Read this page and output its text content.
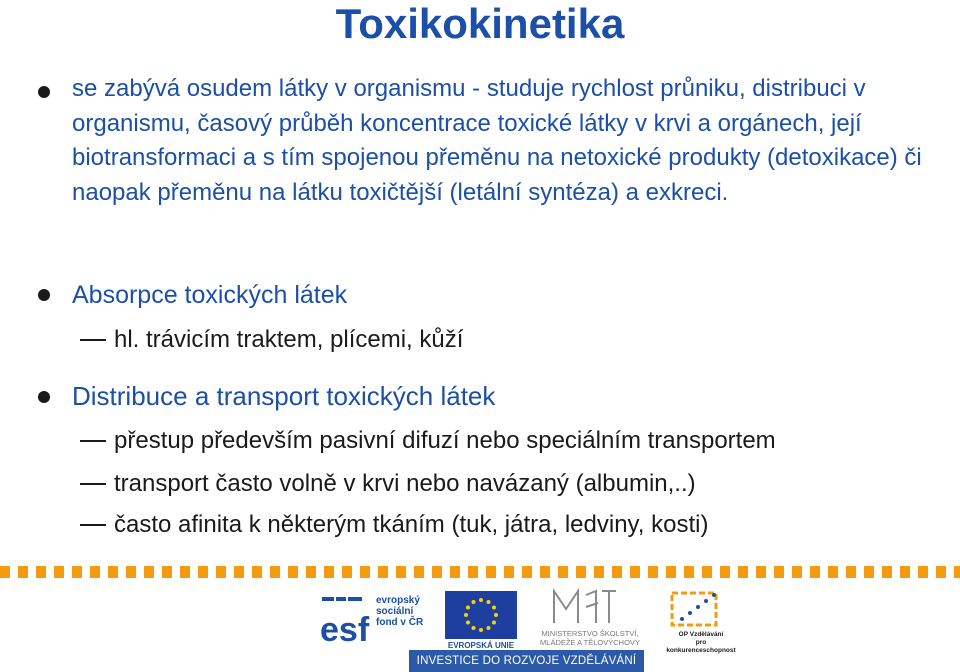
Toxikokinetika
se zabývá osudem látky v organismu - studuje rychlost průniku, distribuci v organismu, časový průběh koncentrace toxické látky v krvi a orgánech, její biotransformaci a s tím spojenou přeměnu na netoxické produkty (detoxikace) či naopak přeměnu na látku toxičtější (letální syntéza) a exkreci.
Absorpce toxických látek
hl. trávicím traktem, plícemi, kůží
Distribuce a transport toxických látek
přestup především pasivní difuzí nebo speciálním transportem
transport často volně v krvi nebo navázaný (albumin,..)
často afinita k některým tkáním (tuk, játra, ledviny, kosti)
esf
evropský
sociální
fond v ČR
EVROPSKÁ UNIE
MINISTERSTVO ŠKOLSTVÍ,
MLÁDEŽE A TĚLOVÝCHOVY
OP Vzdělávání
pro konkurenceschopnost
INVESTICE DO ROZVOJE VZDĚLÁVÁNÍ
